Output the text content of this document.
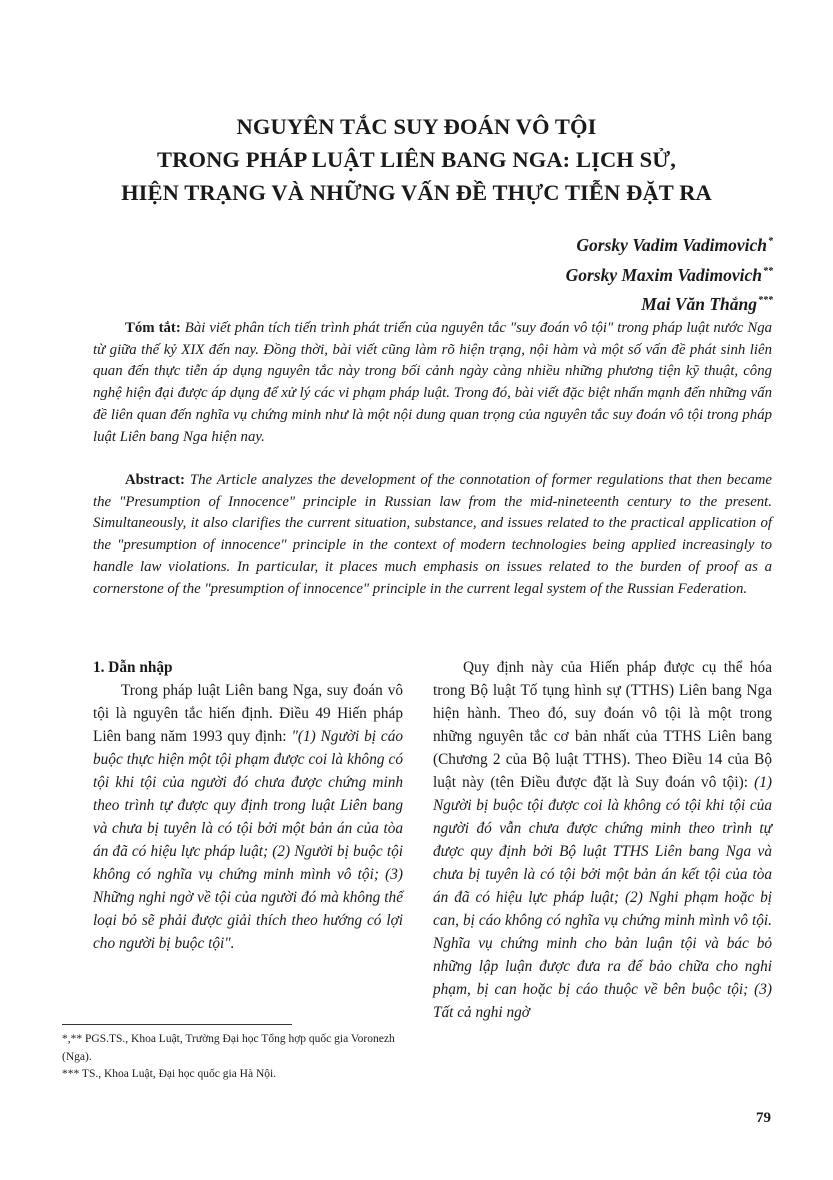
NGUYÊN TẮC SUY ĐOÁN VÔ TỘI
TRONG PHÁP LUẬT LIÊN BANG NGA: LỊCH SỬ,
HIỆN TRẠNG VÀ NHỮNG VẤN ĐỀ THỰC TIỄN ĐẶT RA
Gorsky Vadim Vadimovich*
Gorsky Maxim Vadimovich**
Mai Văn Thắng***
Tóm tắt: Bài viết phân tích tiến trình phát triển của nguyên tắc "suy đoán vô tội" trong pháp luật nước Nga từ giữa thế kỷ XIX đến nay. Đồng thời, bài viết cũng làm rõ hiện trạng, nội hàm và một số vấn đề phát sinh liên quan đến thực tiễn áp dụng nguyên tắc này trong bối cảnh ngày càng nhiều những phương tiện kỹ thuật, công nghệ hiện đại được áp dụng để xử lý các vi phạm pháp luật. Trong đó, bài viết đặc biệt nhấn mạnh đến những vấn đề liên quan đến nghĩa vụ chứng minh như là một nội dung quan trọng của nguyên tắc suy đoán vô tội trong pháp luật Liên bang Nga hiện nay.
Abstract: The Article analyzes the development of the connotation of former regulations that then became the "Presumption of Innocence" principle in Russian law from the mid-nineteenth century to the present. Simultaneously, it also clarifies the current situation, substance, and issues related to the practical application of the "presumption of innocence" principle in the context of modern technologies being applied increasingly to handle law violations. In particular, it places much emphasis on issues related to the burden of proof as a cornerstone of the "presumption of innocence" principle in the current legal system of the Russian Federation.
1. Dẫn nhập
Trong pháp luật Liên bang Nga, suy đoán vô tội là nguyên tắc hiến định. Điều 49 Hiến pháp Liên bang năm 1993 quy định: "(1) Người bị cáo buộc thực hiện một tội phạm được coi là không có tội khi tội của người đó chưa được chứng minh theo trình tự được quy định trong luật Liên bang và chưa bị tuyên là có tội bởi một bản án của tòa án đã có hiệu lực pháp luật; (2) Người bị buộc tội không có nghĩa vụ chứng minh mình vô tội; (3) Những nghi ngờ về tội của người đó mà không thể loại bỏ sẽ phải được giải thích theo hướng có lợi cho người bị buộc tội".
Quy định này của Hiến pháp được cụ thể hóa trong Bộ luật Tố tụng hình sự (TTHS) Liên bang Nga hiện hành. Theo đó, suy đoán vô tội là một trong những nguyên tắc cơ bản nhất của TTHS Liên bang (Chương 2 của Bộ luật TTHS). Theo Điều 14 của Bộ luật này (tên Điều được đặt là Suy đoán vô tội): (1) Người bị buộc tội được coi là không có tội khi tội của người đó vẫn chưa được chứng minh theo trình tự được quy định bởi Bộ luật TTHS Liên bang Nga và chưa bị tuyên là có tội bởi một bản án kết tội của tòa án đã có hiệu lực pháp luật; (2) Nghi phạm hoặc bị can, bị cáo không có nghĩa vụ chứng minh mình vô tội. Nghĩa vụ chứng minh cho bản luận tội và bác bỏ những lập luận được đưa ra để bảo chữa cho nghi phạm, bị can hoặc bị cáo thuộc về bên buộc tội; (3) Tất cả nghi ngờ

*,** PGS.TS., Khoa Luật, Trường Đại học Tổng hợp quốc gia Voronezh (Nga).

*** TS., Khoa Luật, Đại học quốc gia Hà Nội.

79
